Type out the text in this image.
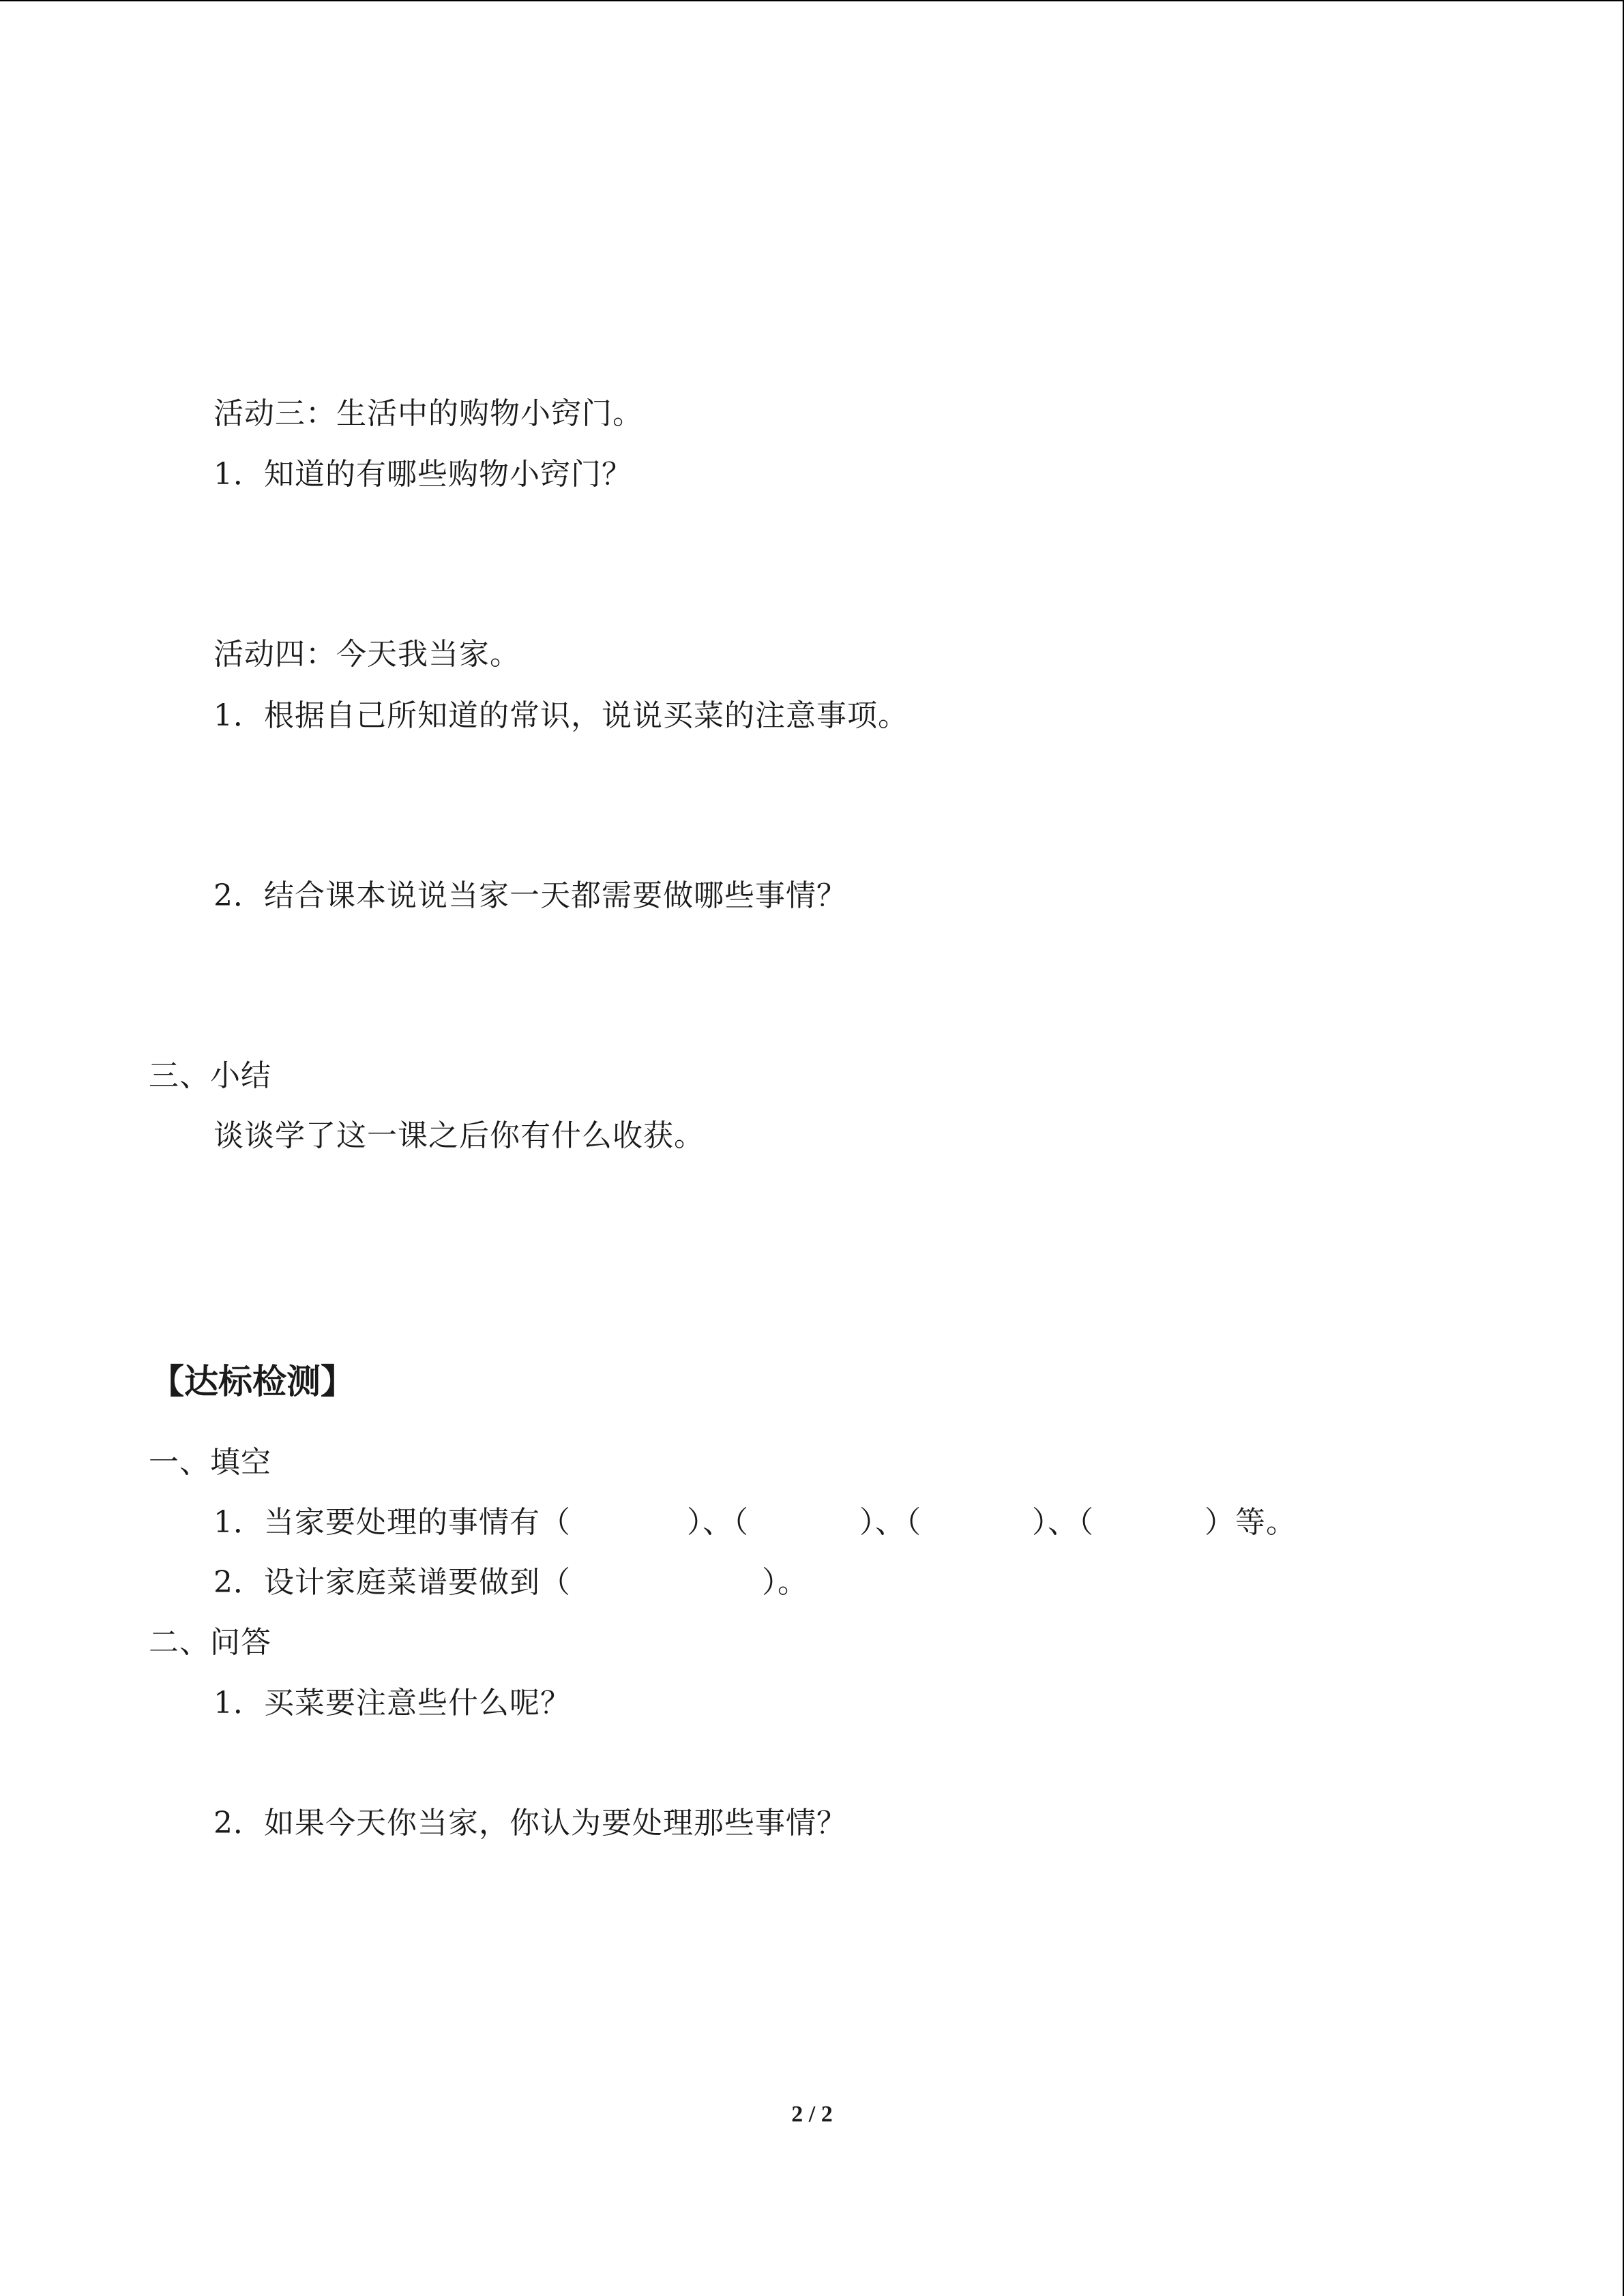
活动三：生活中的购物小窍门。
1．知道的有哪些购物小窍门？
活动四：今天我当家。
1．根据自己所知道的常识，说说买菜的注意事项。
2．结合课本说说当家一天都需要做哪些事情？
三、小结
谈谈学了这一课之后你有什么收获。
【达标检测】
一、填空
1．当家要处理的事情有（	）、（	）、（	）、（	）等。
2．设计家庭菜谱要做到（	）。
二、问答
1．买菜要注意些什么呢？
2．如果今天你当家，你认为要处理那些事情？
2 / 2
